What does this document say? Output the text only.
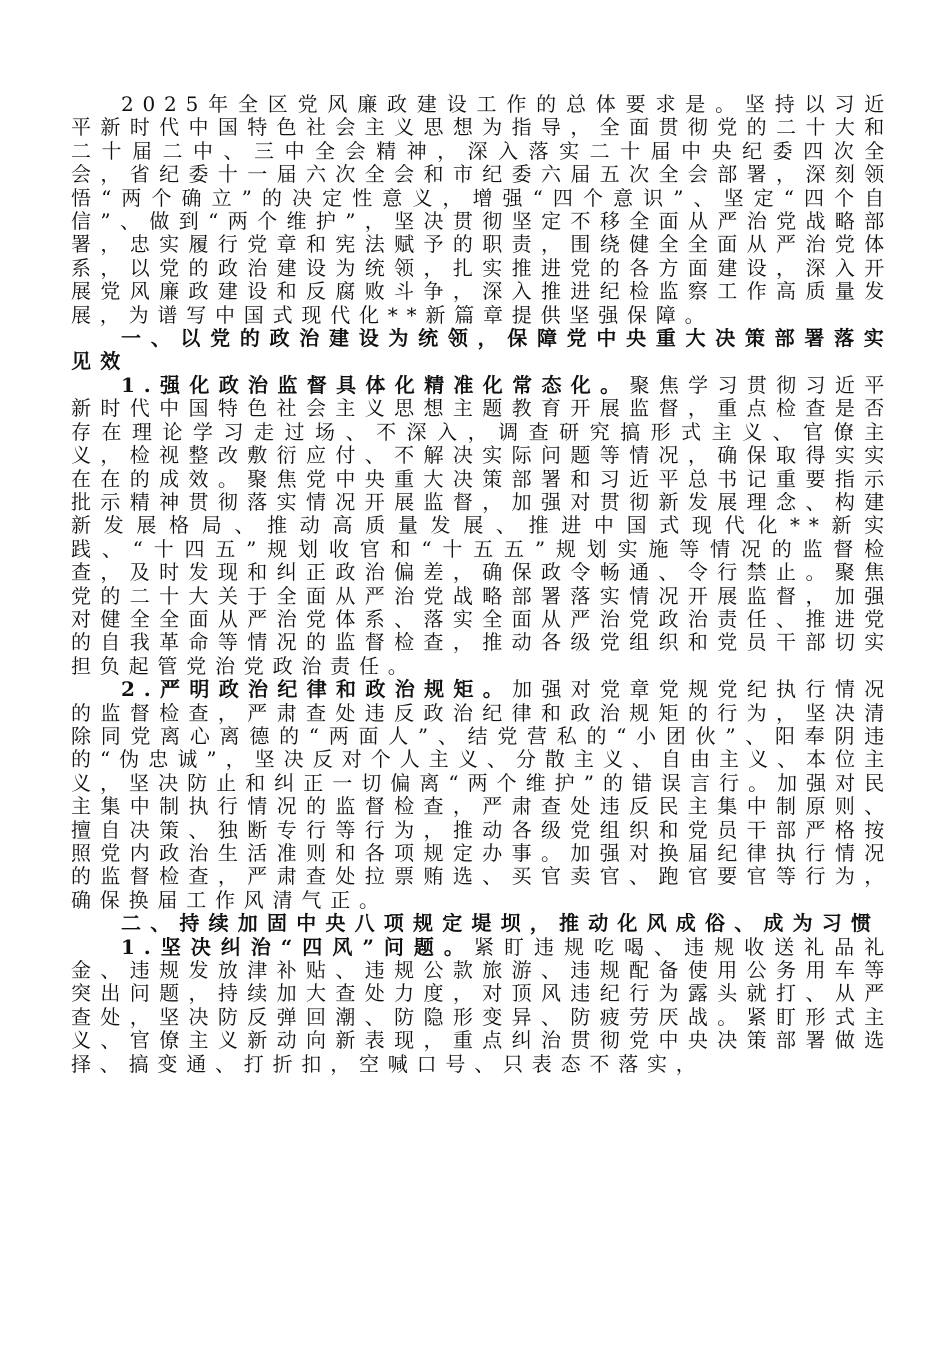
2025年全区党风廉政建设工作的总体要求是。坚持以习近平新时代中国特色社会主义思想为指导，全面贯彻党的二十大和二十届二中、三中全会精神，深入落实二十届中央纪委四次全会，省纪委十一届六次全会和市纪委六届五次全会部署，深刻领悟“两个确立”的决定性意义，增强“四个意识”、坚定“四个自信”、做到“两个维护”，坚决贯彻坚定不移全面从严治党战略部署，忠实履行党章和宪法赋予的职责，围绕健全全面从严治党体系，以党的政治建设为统领，扎实推进党的各方面建设，深入开展党风廉政建设和反腐败斗争，深入推进纪检监察工作高质量发展，为谱写中国式现代化**新篇章提供坚强保障。

一、以党的政治建设为统领，保障党中央重大决策部署落实见效

1.强化政治监督具体化精准化常态化。聚焦学习贯彻习近平新时代中国特色社会主义思想主题教育开展监督，重点检查是否存在理论学习走过场、不深入，调查研究搞形式主义、官僚主义，检视整改敷衍应付、不解决实际问题等情况，确保取得实实在在的成效。聚焦党中央重大决策部署和习近平总书记重要指示批示精神贯彻落实情况开展监督，加强对贯彻新发展理念、构建新发展格局、推动高质量发展、推进中国式现代化**新实践、“十四五”规划收官和“十五五”规划实施等情况的监督检查，及时发现和纠正政治偏差，确保政令畅通、令行禁止。聚焦党的二十大关于全面从严治党战略部署落实情况开展监督，加强对健全全面从严治党体系、落实全面从严治党政治责任、推进党的自我革命等情况的监督检查，推动各级党组织和党员干部切实担负起管党治党政治责任。

2.严明政治纪律和政治规矩。加强对党章党规党纪执行情况的监督检查，严肃查处违反政治纪律和政治规矩的行为，坚决清除同党离心离德的“两面人”、结党营私的“小团伙”、阳奉阴违的“伪忠诚”，坚决反对个人主义、分散主义、自由主义、本位主义，坚决防止和纠正一切偏离“两个维护”的错误言行。加强对民主集中制执行情况的监督检查，严肃查处违反民主集中制原则、擅自决策、独断专行等行为，推动各级党组织和党员干部严格按照党内政治生活准则和各项规定办事。加强对换届纪律执行情况的监督检查，严肃查处拉票贿选、买官卖官、跑官要官等行为，确保换届工作风清气正。

二、持续加固中央八项规定堤坝，推动化风成俗、成为习惯

1.坚决纠治“四风”问题。紧盯违规吃喝、违规收送礼品礼金、违规发放津补贴、违规公款旅游、违规配备使用公务用车等突出问题，持续加大查处力度，对顶风违纪行为露头就打、从严查处，坚决防反弹回潮、防隐形变异、防疲劳厌战。紧盯形式主义、官僚主义新动向新表现，重点纠治贯彻党中央决策部署做选择、搞变通、打折扣，空喊口号、只表态不落实，
